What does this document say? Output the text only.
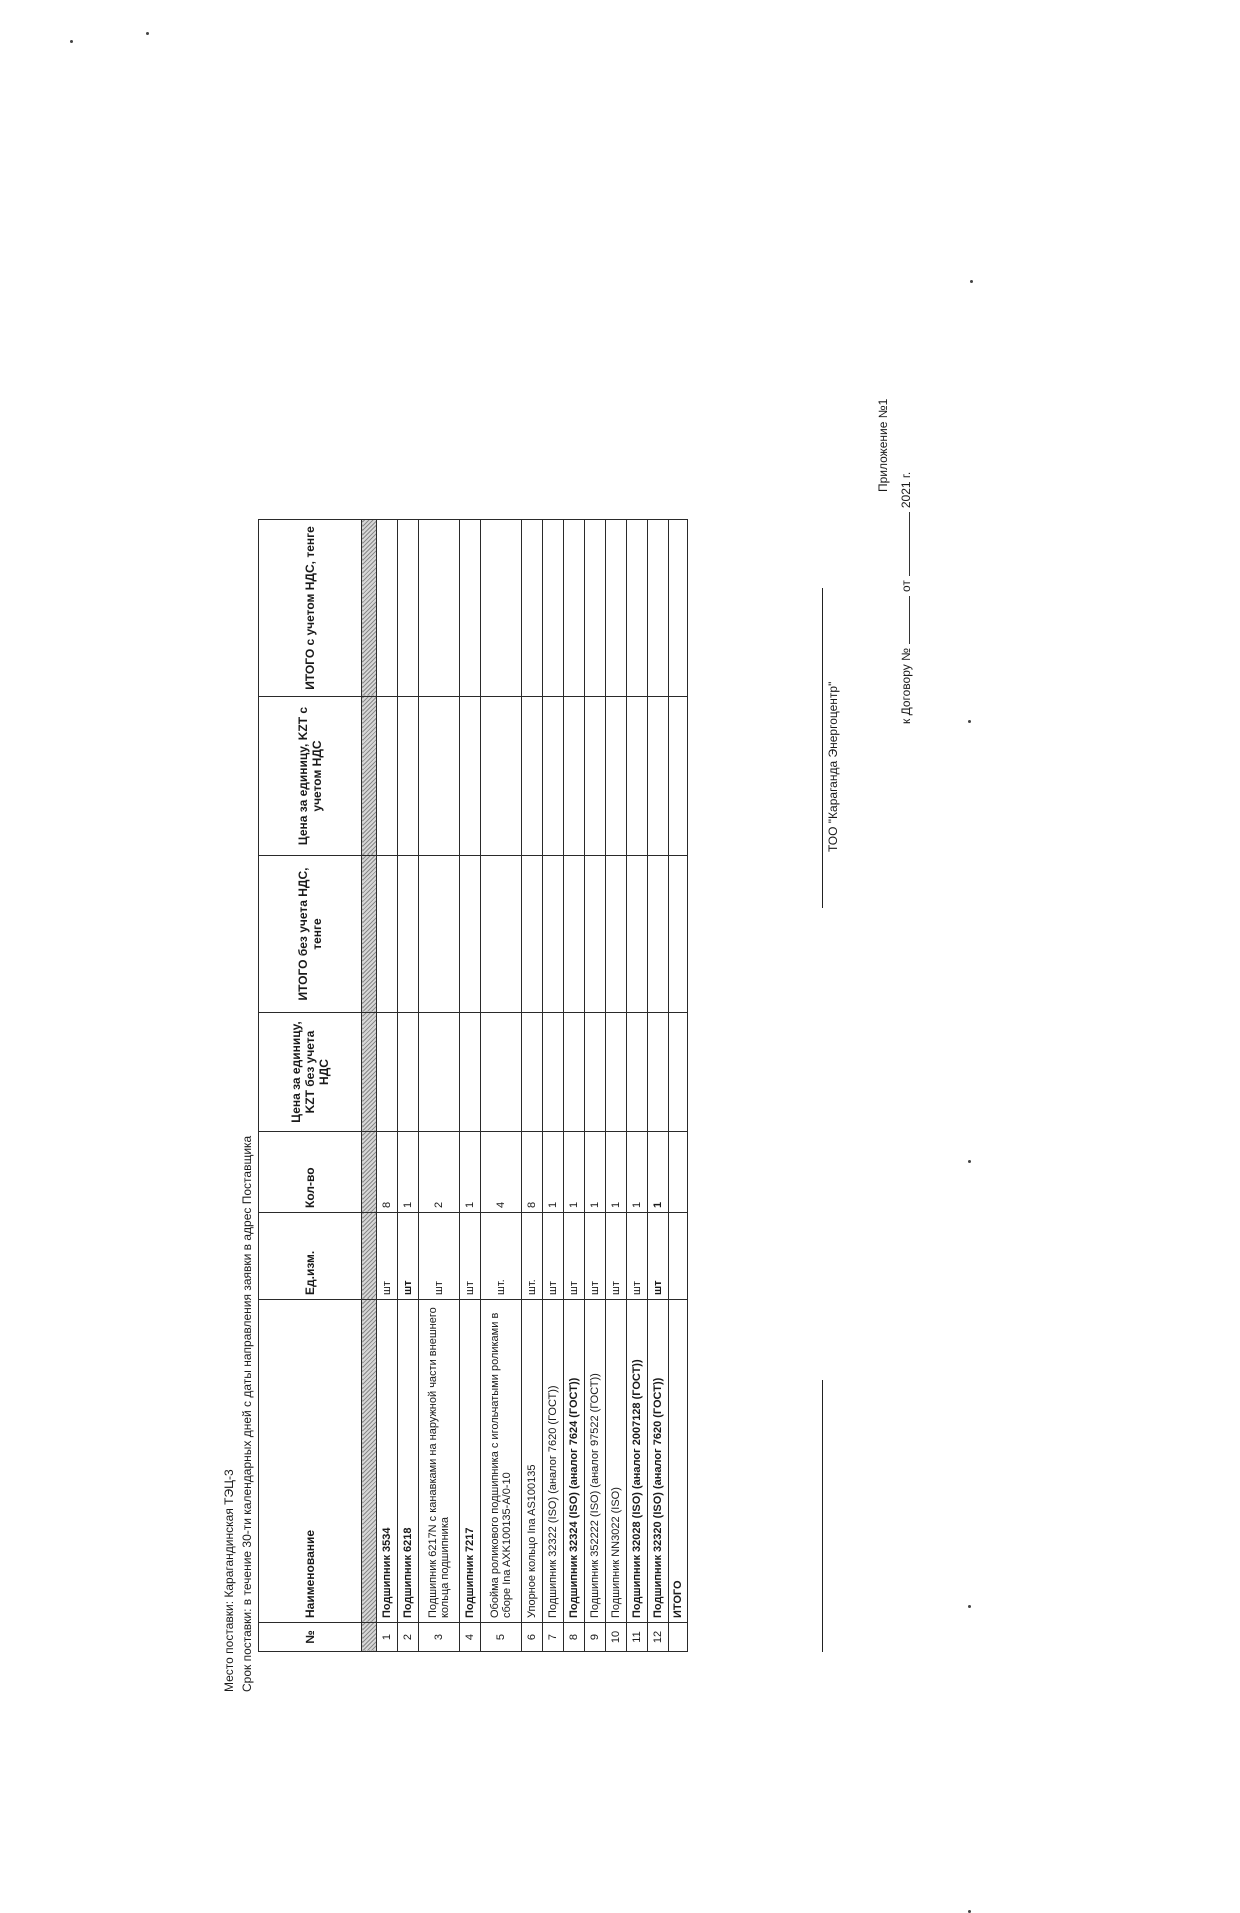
Место поставки: Карагандинская ТЭЦ-3 Срок поставки: в течение 30-ти календарных дней с даты направления заявки в адрес Поставщика
Приложение №1
к Договору №от2021 г.
№	Наименование	Ед.изм.	Кол-во	Цена за единицу, KZT без учета НДС	ИТОГО без учета НДС, тенге	Цена за единицу, KZT с учетом НДС	ИТОГО с учетом НДС, тенге

1	Подшипник 3534	шт	8				
2	Подшипник 6218	шт	1				
3	Подшипник 6217N с канавками на наружной части внешнего кольца подшипника	шт	2				
4	Подшипник 7217	шт	1				
5	Обойма роликового подшипника с игольчатыми роликами в сборе Ina AXK100135-A/0-10	шт.	4				
6	Упорное кольцо Ina AS100135	шт.	8				
7	Подшипник 32322 (ISO) (аналог 7620 (ГОСТ))	шт	1				
8	Подшипник 32324 (ISO) (аналог 7624 (ГОСТ))	шт	1				
9	Подшипник 352222 (ISO) (аналог 97522 (ГОСТ))	шт	1				
10	Подшипник NN3022 (ISO)	шт	1				
11	Подшипник 32028 (ISO) (аналог 2007128 (ГОСТ))	шт	1				
12	Подшипник 32320 (ISO) (аналог 7620 (ГОСТ))	шт	1				
	ИТОГО						
ТОО "Караганда Энергоцентр"
